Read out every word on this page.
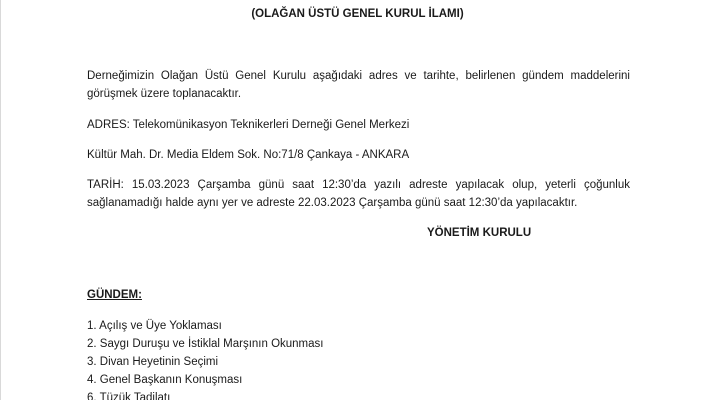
(OLAĞAN ÜSTÜ GENEL KURUL İLAMI)
Derneğimizin Olağan Üstü Genel Kurulu aşağıdaki adres ve tarihte, belirlenen gündem maddelerini
görüşmek üzere toplanacaktır.
ADRES: Telekomünikasyon Teknikerleri Derneği Genel Merkezi
Kültür Mah. Dr. Media Eldem Sok. No:71/8 Çankaya - ANKARA
TARİH: 15.03.2023 Çarşamba günü saat 12:30’da yazılı adreste yapılacak olup, yeterli çoğunluk
sağlanamadığı halde aynı yer ve adreste 22.03.2023 Çarşamba günü saat 12:30’da yapılacaktır.
YÖNETİM KURULU
GÜNDEM:
1. Açılış ve Üye Yoklaması
2. Saygı Duruşu ve İstiklal Marşının Okunması
3. Divan Heyetinin Seçimi
4. Genel Başkanın Konuşması
6. Tüzük Tadilatı
